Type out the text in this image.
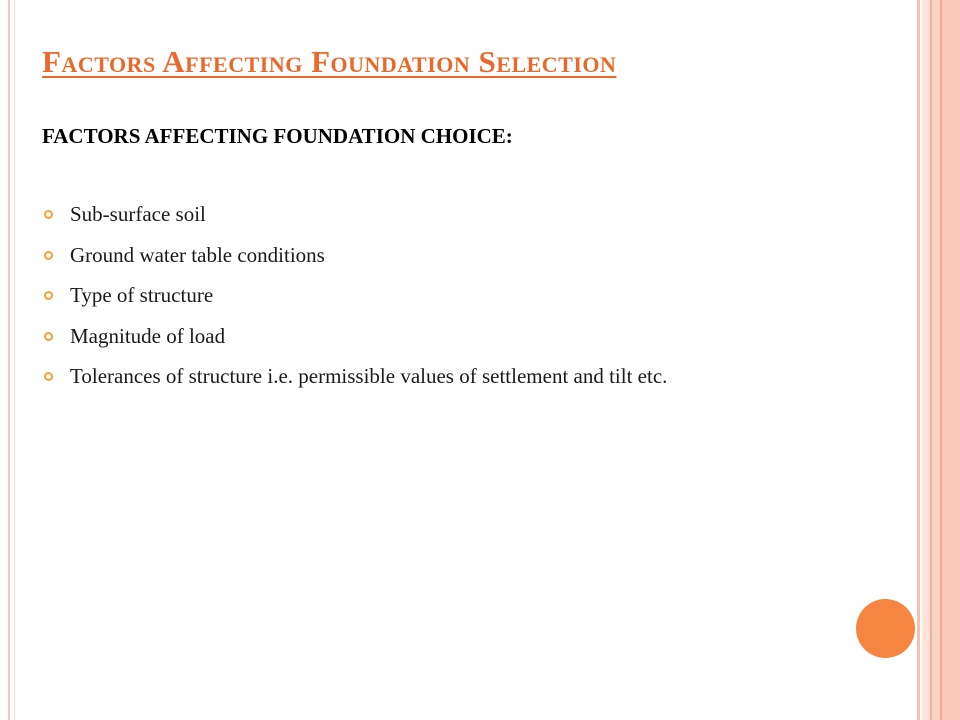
Factors Affecting Foundation Selection

FACTORS AFFECTING FOUNDATION CHOICE:

Sub-surface soil
Ground water table conditions
Type of structure
Magnitude of load
Tolerances of structure i.e. permissible values of settlement and tilt etc.
